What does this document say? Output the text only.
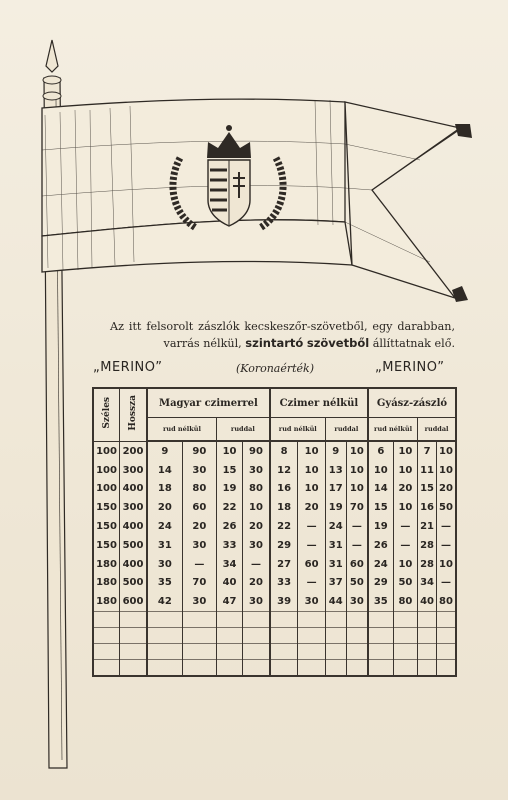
Az itt felsorolt zászlók kecskeszőr-szövetből, egy darabban, varrás nélkül, szintartó szövetből állíttatnak elő.
„MERINO”	(Koronaérték)	„MERINO”
Széles	Hossza	Magyar czimerrel				Czimer nélkül				Gyász-zászló			
		rud nélkül		ruddal		rud nélkül		ruddal		rud nélkül		ruddal	
100	200	9	90	10	90	8	10	9	10	6	10	7	10
100	300	14	30	15	30	12	10	13	10	10	10	11	10
100	400	18	80	19	80	16	10	17	10	14	20	15	20
150	300	20	60	22	10	18	20	19	70	15	10	16	50
150	400	24	20	26	20	22	—	24	—	19	—	21	—
150	500	31	30	33	30	29	—	31	—	26	—	28	—
180	400	30	—	34	—	27	60	31	60	24	10	28	10
180	500	35	70	40	20	33	—	37	50	29	50	34	—
180	600	42	30	47	30	39	30	44	30	35	80	40	80
